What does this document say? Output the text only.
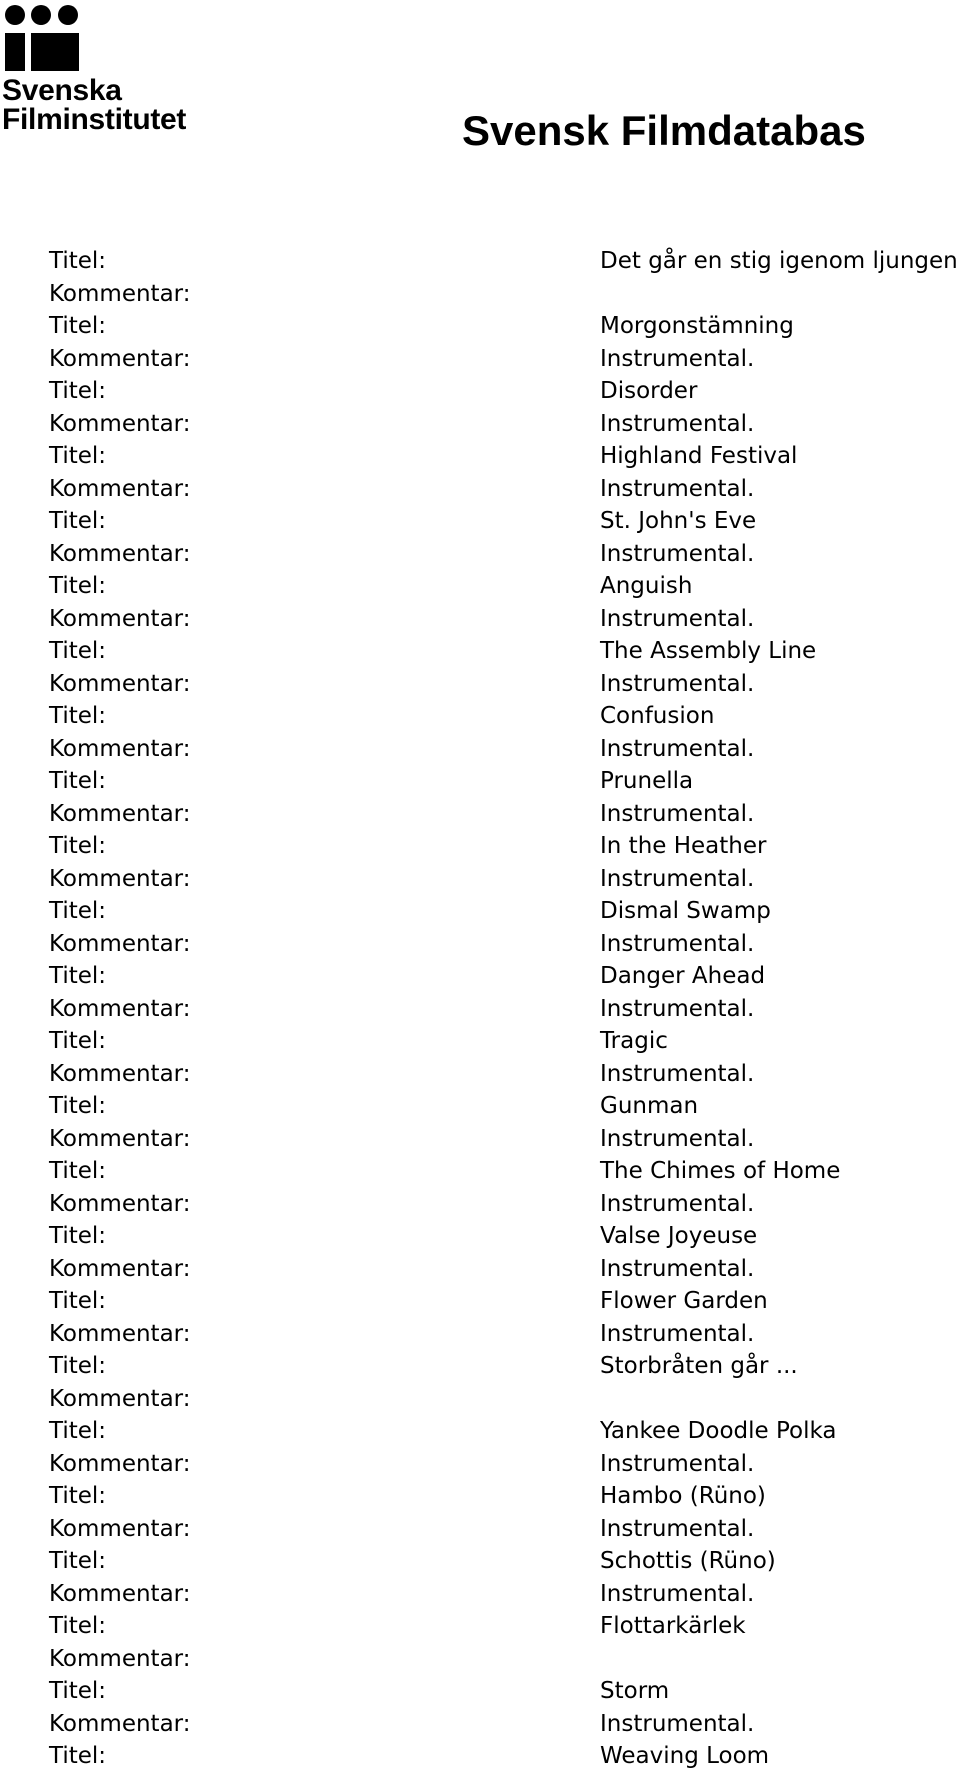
Svenska
Filminstitutet	Svensk Filmdatabas
Titel:	Det går en stig igenom ljungen
Kommentar:
Titel:	Morgonstämning
Kommentar:	Instrumental.
Titel:	Disorder
Kommentar:	Instrumental.
Titel:	Highland Festival
Kommentar:	Instrumental.
Titel:	St. John's Eve
Kommentar:	Instrumental.
Titel:	Anguish
Kommentar:	Instrumental.
Titel:	The Assembly Line
Kommentar:	Instrumental.
Titel:	Confusion
Kommentar:	Instrumental.
Titel:	Prunella
Kommentar:	Instrumental.
Titel:	In the Heather
Kommentar:	Instrumental.
Titel:	Dismal Swamp
Kommentar:	Instrumental.
Titel:	Danger Ahead
Kommentar:	Instrumental.
Titel:	Tragic
Kommentar:	Instrumental.
Titel:	Gunman
Kommentar:	Instrumental.
Titel:	The Chimes of Home
Kommentar:	Instrumental.
Titel:	Valse Joyeuse
Kommentar:	Instrumental.
Titel:	Flower Garden
Kommentar:	Instrumental.
Titel:	Storbråten går ...
Kommentar:
Titel:	Yankee Doodle Polka
Kommentar:	Instrumental.
Titel:	Hambo (Rüno)
Kommentar:	Instrumental.
Titel:	Schottis (Rüno)
Kommentar:	Instrumental.
Titel:	Flottarkärlek
Kommentar:
Titel:	Storm
Kommentar:	Instrumental.
Titel:	Weaving Loom
